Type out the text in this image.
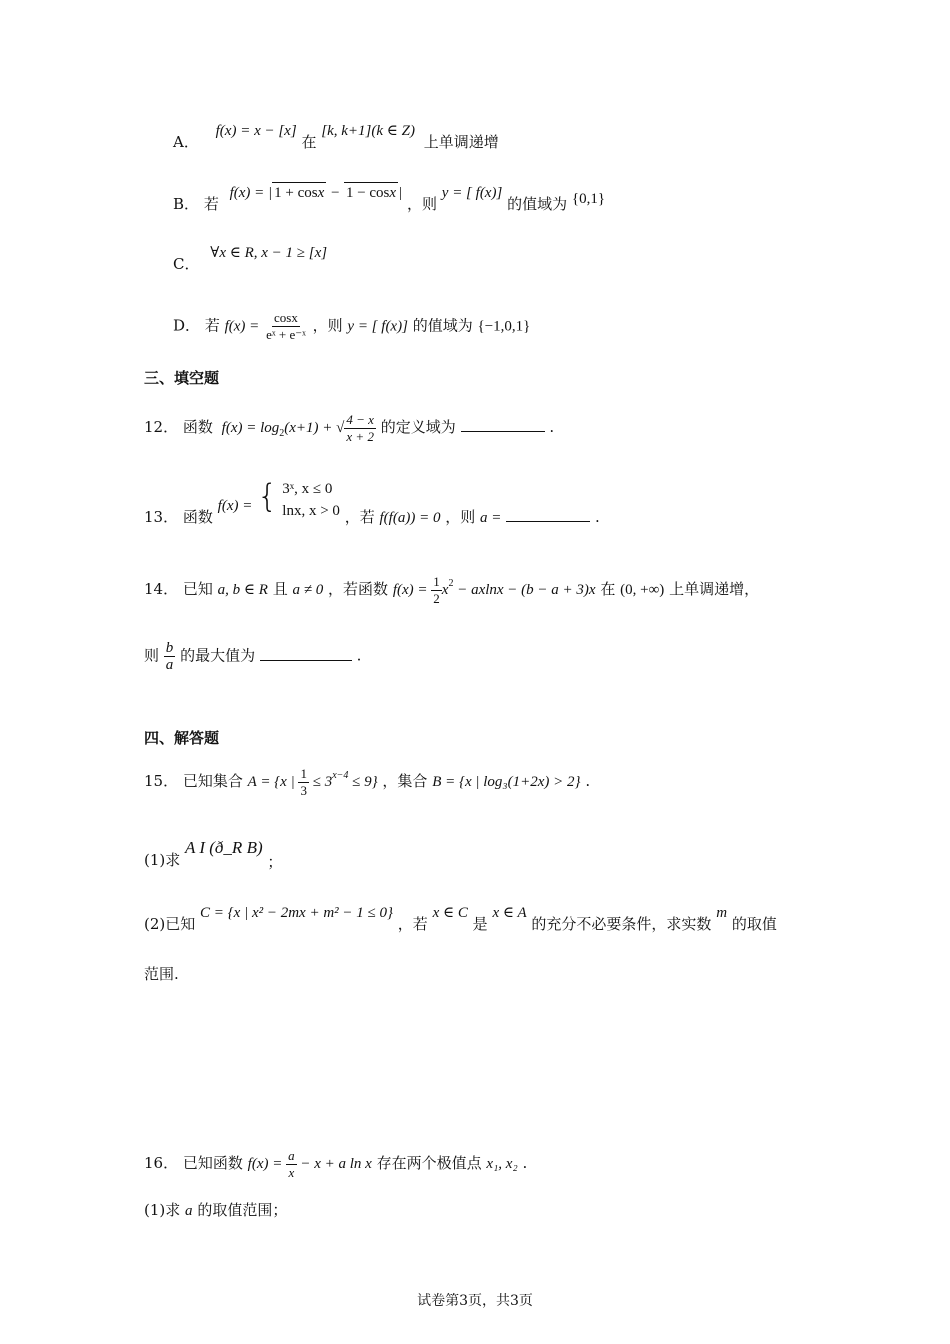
A． f(x) = x − [x] 在 [k, k+1](k ∈ Z) 上单调递增
B． 若 f(x) = | 1 + cosx − 1 − cosx | ，则 y = [ f(x)] 的值域为 {0,1}
C． ∀x ∈ R, x − 1 ≥ [x]
D． 若 $f(x) = \frac{\cos x}{\text{eˣ + e⁻ˣ}}$ ，则 y = [ f(x)] 的值域为 {−1,0,1}
三、填空题
12． 函数 $f(x) = \log_2(x+1)$ + √ $\frac{4 - x}{x + 2}$ 的定义域为	.
13． 函数 f(x) = { 3ˣ, x ≤ 0
lnx, x > 0 ，若 f(f(a)) = 0 ，则 a =	.
14． 已知 a, b ∈ R 且 a ≠ 0 ，若函数 $f(x) = \frac{1}{2} x^2 - axlnx - (b - a + 3)x$ 在 (0, +∞) 上单调递增，
则 $\frac{b}{a}$ 的最大值为	.
四、解答题
15． 已知集合 A = {x | $\frac{1}{3} \le 3^{x-4} \le 9$} ，集合 B = {x | log₃(1+2x) > 2} .
(1)求 A I (ð_R B) ；
(2)已知 C = {x | x² − 2mx + m² − 1 ≤ 0} ，若 x ∈ C 是 x ∈ A 的充分不必要条件，求实数 m 的取值
范围.
16． 已知函数 $f(x) = \frac{a}{x} - x + a$ ln x 存在两个极值点 x₁, x₂ .
(1)求 a 的取值范围；
试卷第3页，共3页
